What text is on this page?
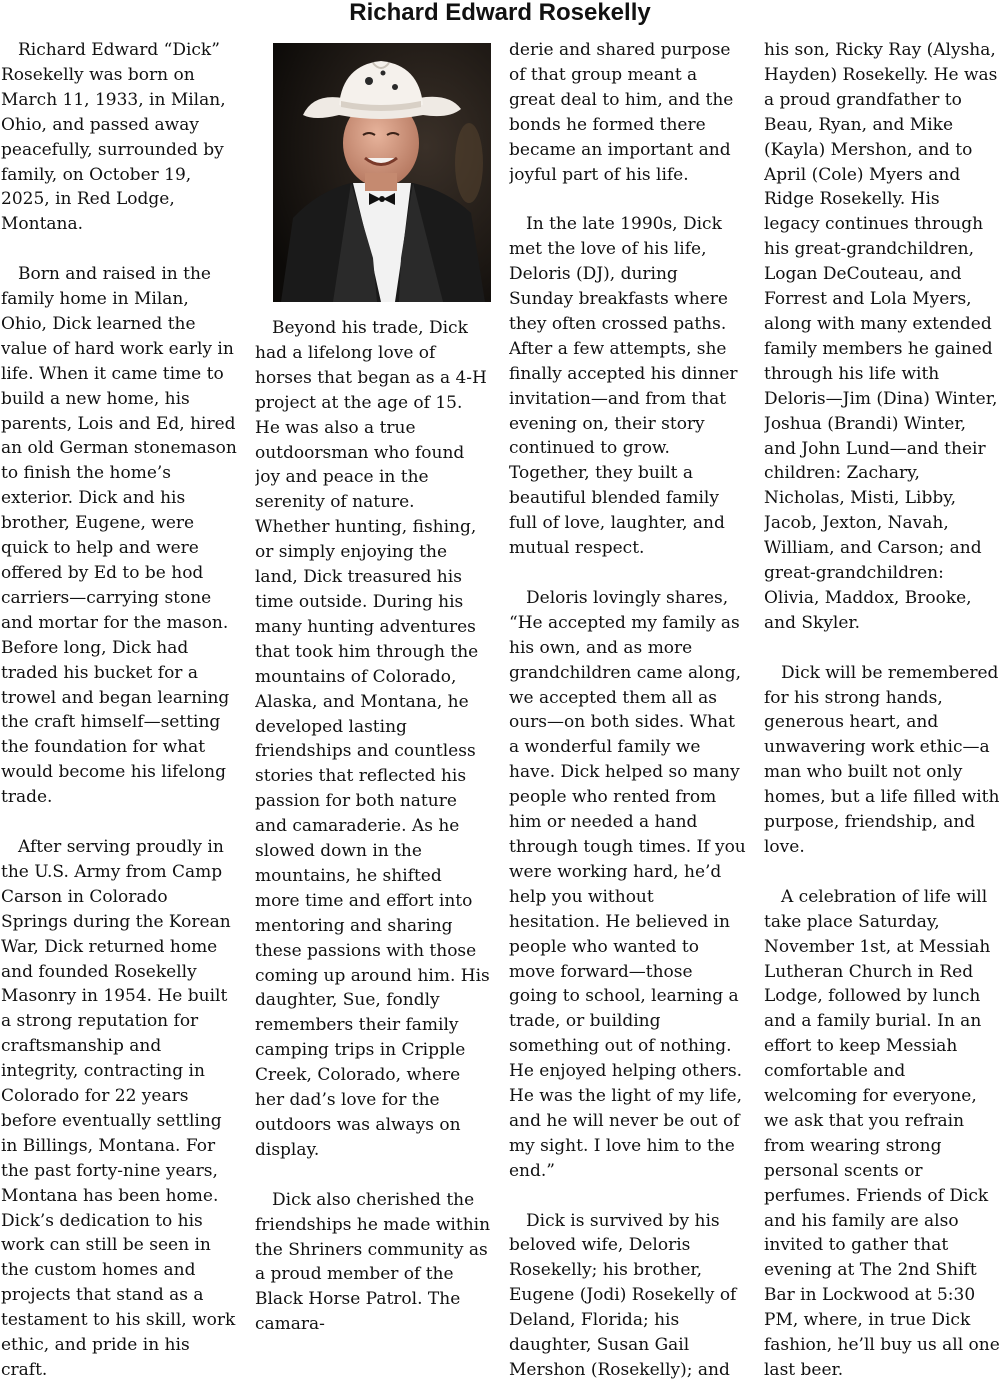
Richard Edward Rosekelly

Richard Edward “Dick” Rosekelly was born on March 11, 1933, in Milan, Ohio, and passed away peacefully, surrounded by family, on October 19, 2025, in Red Lodge, Montana.

Born and raised in the family home in Milan, Ohio, Dick learned the value of hard work early in life. When it came time to build a new home, his parents, Lois and Ed, hired an old German stonemason to finish the home’s exterior. Dick and his brother, Eugene, were quick to help and were offered by Ed to be hod carriers—carrying stone and mortar for the mason. Before long, Dick had traded his bucket for a trowel and began learning the craft himself—setting the foundation for what would become his lifelong trade.

After serving proudly in the U.S. Army from Camp Carson in Colorado Springs during the Korean War, Dick returned home and founded Rosekelly Masonry in 1954. He built a strong reputation for craftsmanship and integrity, contracting in Colorado for 22 years before eventually settling in Billings, Montana. For the past forty-nine years, Montana has been home. Dick’s dedication to his work can still be seen in the custom homes and projects that stand as a testament to his skill, work ethic, and pride in his craft.

Beyond his trade, Dick had a lifelong love of horses that began as a 4-H project at the age of 15. He was also a true outdoorsman who found joy and peace in the serenity of nature. Whether hunting, fishing, or simply enjoying the land, Dick treasured his time outside. During his many hunting adventures that took him through the mountains of Colorado, Alaska, and Montana, he developed lasting friendships and countless stories that reflected his passion for both nature and camaraderie. As he slowed down in the mountains, he shifted more time and effort into mentoring and sharing these passions with those coming up around him. His daughter, Sue, fondly remembers their family camping trips in Cripple Creek, Colorado, where her dad’s love for the outdoors was always on display.

Dick also cherished the friendships he made within the Shriners community as a proud member of the Black Horse Patrol. The camara-

derie and shared purpose of that group meant a great deal to him, and the bonds he formed there became an important and joyful part of his life.

In the late 1990s, Dick met the love of his life, Deloris (DJ), during Sunday breakfasts where they often crossed paths. After a few attempts, she finally accepted his dinner invitation—and from that evening on, their story continued to grow. Together, they built a beautiful blended family full of love, laughter, and mutual respect.

Deloris lovingly shares, “He accepted my family as his own, and as more grandchildren came along, we accepted them all as ours—on both sides. What a wonderful family we have. Dick helped so many people who rented from him or needed a hand through tough times. If you were working hard, he’d help you without hesitation. He believed in people who wanted to move forward—those going to school, learning a trade, or building something out of nothing. He enjoyed helping others. He was the light of my life, and he will never be out of my sight. I love him to the end.”

Dick is survived by his beloved wife, Deloris Rosekelly; his brother, Eugene (Jodi) Rosekelly of Deland, Florida; his daughter, Susan Gail Mershon (Rosekelly); and

his son, Ricky Ray (Alysha, Hayden) Rosekelly. He was a proud grandfather to Beau, Ryan, and Mike (Kayla) Mershon, and to April (Cole) Myers and Ridge Rosekelly. His legacy continues through his great-grandchildren, Logan DeCouteau, and Forrest and Lola Myers, along with many extended family members he gained through his life with Deloris—Jim (Dina) Winter, Joshua (Brandi) Winter, and John Lund—and their children: Zachary, Nicholas, Misti, Libby, Jacob, Jexton, Navah, William, and Carson; and great-grandchildren: Olivia, Maddox, Brooke, and Skyler.

Dick will be remembered for his strong hands, generous heart, and unwavering work ethic—a man who built not only homes, but a life filled with purpose, friendship, and love.

A celebration of life will take place Saturday, November 1st, at Messiah Lutheran Church in Red Lodge, followed by lunch and a family burial. In an effort to keep Messiah comfortable and welcoming for everyone, we ask that you refrain from wearing strong personal scents or perfumes. Friends of Dick and his family are also invited to gather that evening at The 2nd Shift Bar in Lockwood at 5:30 PM, where, in true Dick fashion, he’ll buy us all one last beer.
